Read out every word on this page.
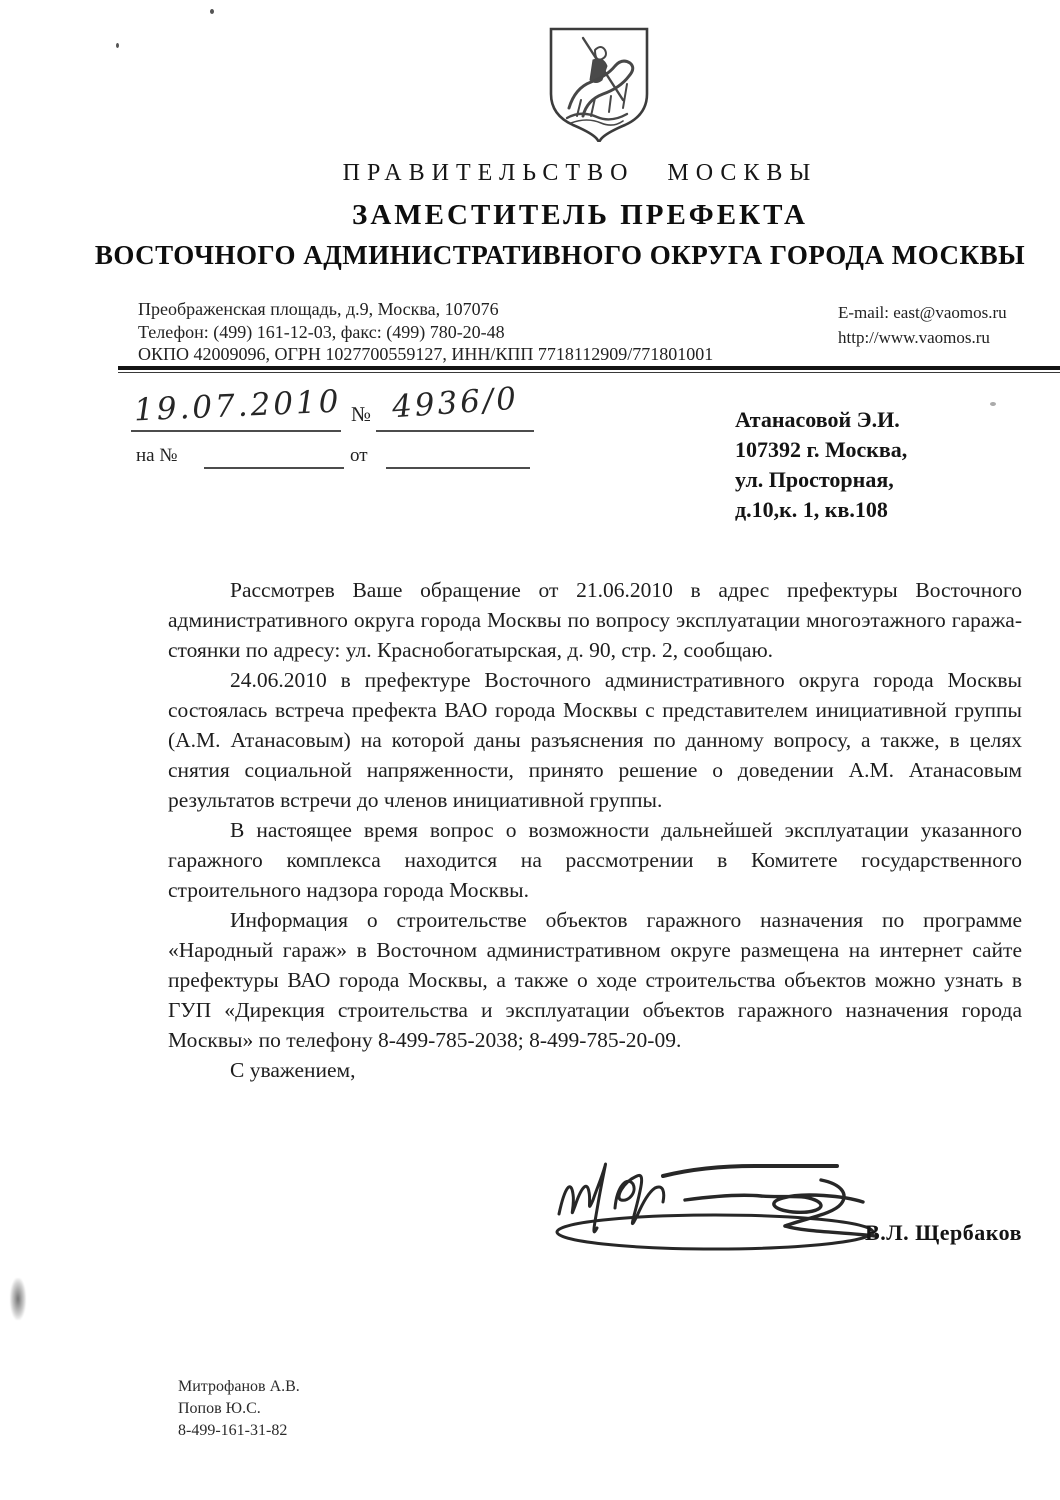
ПРАВИТЕЛЬСТВО МОСКВЫ
ЗАМЕСТИТЕЛЬ ПРЕФЕКТА
ВОСТОЧНОГО АДМИНИСТРАТИВНОГО ОКРУГА ГОРОДА МОСКВЫ
Преображенская площадь, д.9, Москва, 107076
Телефон: (499) 161-12-03, факс: (499) 780-20-48
ОКПО 42009096, ОГРН 1027700559127, ИНН/КПП 7718112909/771801001
E-mail: east@vaomos.ru
http://www.vaomos.ru
19.07.2010 № 4936/0
на №	от
Атанасовой Э.И.
107392 г. Москва,
ул. Просторная,
д.10,к. 1, кв.108

Рассмотрев Ваше обращение от 21.06.2010 в адрес префектуры Восточного административного округа города Москвы по вопросу эксплуатации многоэтажного гаража-стоянки по адресу: ул. Краснобогатырская, д. 90, стр. 2, сообщаю.

24.06.2010 в префектуре Восточного административного округа города Москвы состоялась встреча префекта ВАО города Москвы с представителем инициативной группы (А.М. Атанасовым) на которой даны разъяснения по данному вопросу, а также, в целях снятия социальной напряженности, принято решение о доведении А.М. Атанасовым результатов встречи до членов инициативной группы.

В настоящее время вопрос о возможности дальнейшей эксплуатации указанного гаражного комплекса находится на рассмотрении в Комитете государственного строительного надзора города Москвы.

Информация о строительстве объектов гаражного назначения по программе «Народный гараж» в Восточном административном округе размещена на интернет сайте префектуры ВАО города Москвы, а также о ходе строительства объектов можно узнать в ГУП «Дирекция строительства и эксплуатации объектов гаражного назначения города Москвы» по телефону 8-499-785-2038; 8-499-785-20-09.

С уважением,

В.Л. Щербаков
Митрофанов А.В.
Попов Ю.С.
8-499-161-31-82
